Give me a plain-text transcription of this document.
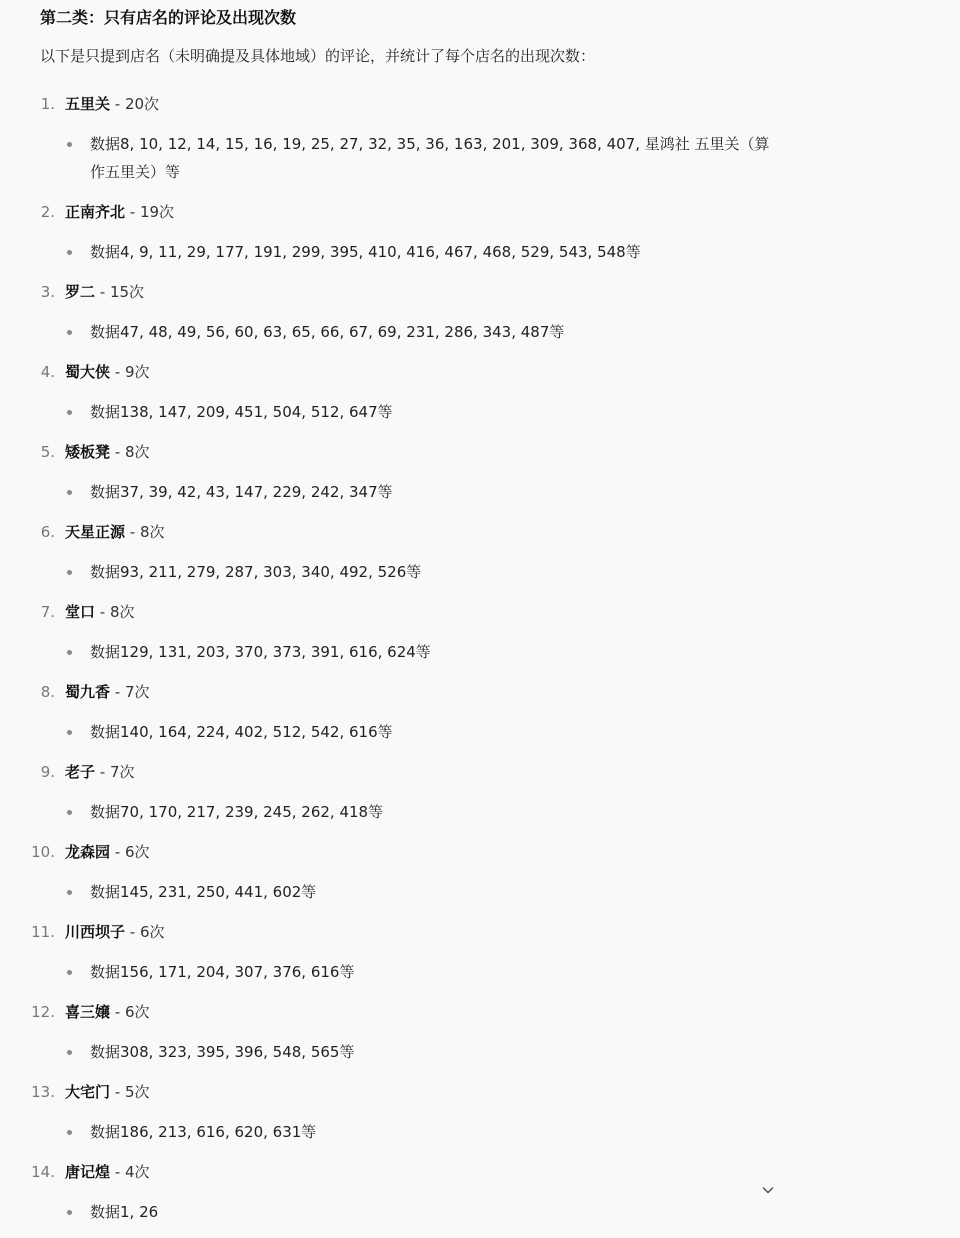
第二类：只有店名的评论及出现次数
以下是只提到店名（未明确提及具体地域）的评论，并统计了每个店名的出现次数：
1. 五里关 - 20次
数据8, 10, 12, 14, 15, 16, 19, 25, 27, 32, 35, 36, 163, 201, 309, 368, 407, 星鸿社 五里关（算作五里关）等
2. 正南齐北 - 19次
数据4, 9, 11, 29, 177, 191, 299, 395, 410, 416, 467, 468, 529, 543, 548等
3. 罗二 - 15次
数据47, 48, 49, 56, 60, 63, 65, 66, 67, 69, 231, 286, 343, 487等
4. 蜀大侠 - 9次
数据138, 147, 209, 451, 504, 512, 647等
5. 矮板凳 - 8次
数据37, 39, 42, 43, 147, 229, 242, 347等
6. 天星正源 - 8次
数据93, 211, 279, 287, 303, 340, 492, 526等
7. 堂口 - 8次
数据129, 131, 203, 370, 373, 391, 616, 624等
8. 蜀九香 - 7次
数据140, 164, 224, 402, 512, 542, 616等
9. 老子 - 7次
数据70, 170, 217, 239, 245, 262, 418等
10. 龙森园 - 6次
数据145, 231, 250, 441, 602等
11. 川西坝子 - 6次
数据156, 171, 204, 307, 376, 616等
12. 喜三嬢 - 6次
数据308, 323, 395, 396, 548, 565等
13. 大宅门 - 5次
数据186, 213, 616, 620, 631等
14. 唐记煌 - 4次
数据1, 26
